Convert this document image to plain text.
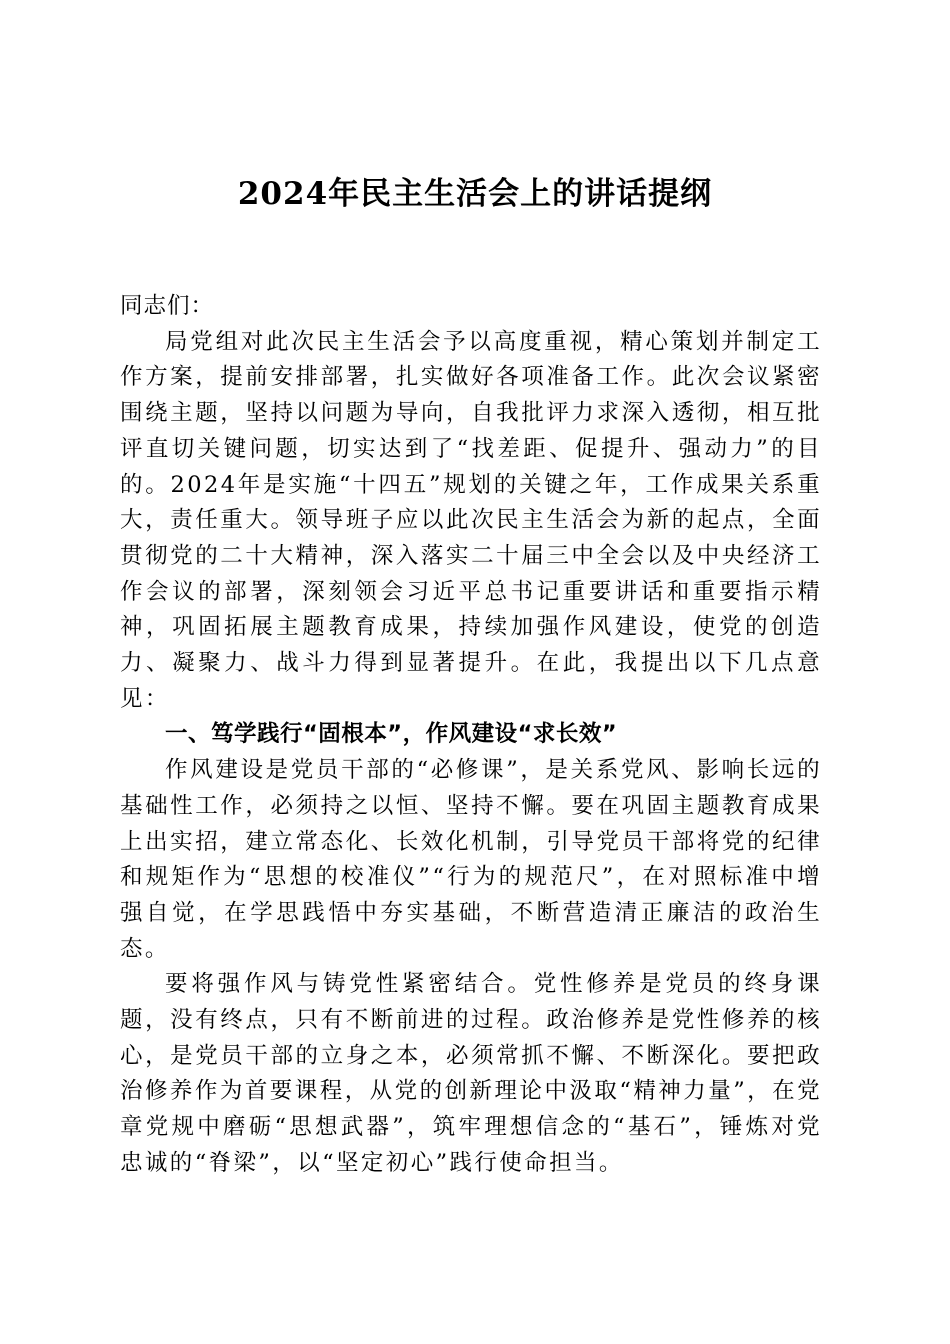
2024年民主生活会上的讲话提纲

同志们：

局党组对此次民主生活会予以高度重视，精心策划并制定工作方案，提前安排部署，扎实做好各项准备工作。此次会议紧密围绕主题，坚持以问题为导向，自我批评力求深入透彻，相互批评直切关键问题，切实达到了“找差距、促提升、强动力”的目的。2024年是实施“十四五”规划的关键之年，工作成果关系重大，责任重大。领导班子应以此次民主生活会为新的起点，全面贯彻党的二十大精神，深入落实二十届三中全会以及中央经济工作会议的部署，深刻领会习近平总书记重要讲话和重要指示精神，巩固拓展主题教育成果，持续加强作风建设，使党的创造力、凝聚力、战斗力得到显著提升。在此，我提出以下几点意见：

一、笃学践行“固根本”，作风建设“求长效”

作风建设是党员干部的“必修课”，是关系党风、影响长远的基础性工作，必须持之以恒、坚持不懈。要在巩固主题教育成果上出实招，建立常态化、长效化机制，引导党员干部将党的纪律和规矩作为“思想的校准仪”“行为的规范尺”，在对照标准中增强自觉，在学思践悟中夯实基础，不断营造清正廉洁的政治生态。

要将强作风与铸党性紧密结合。党性修养是党员的终身课题，没有终点，只有不断前进的过程。政治修养是党性修养的核心，是党员干部的立身之本，必须常抓不懈、不断深化。要把政治修养作为首要课程，从党的创新理论中汲取“精神力量”，在党章党规中磨砺“思想武器”，筑牢理想信念的“基石”，锤炼对党忠诚的“脊梁”，以“坚定初心”践行使命担当。
